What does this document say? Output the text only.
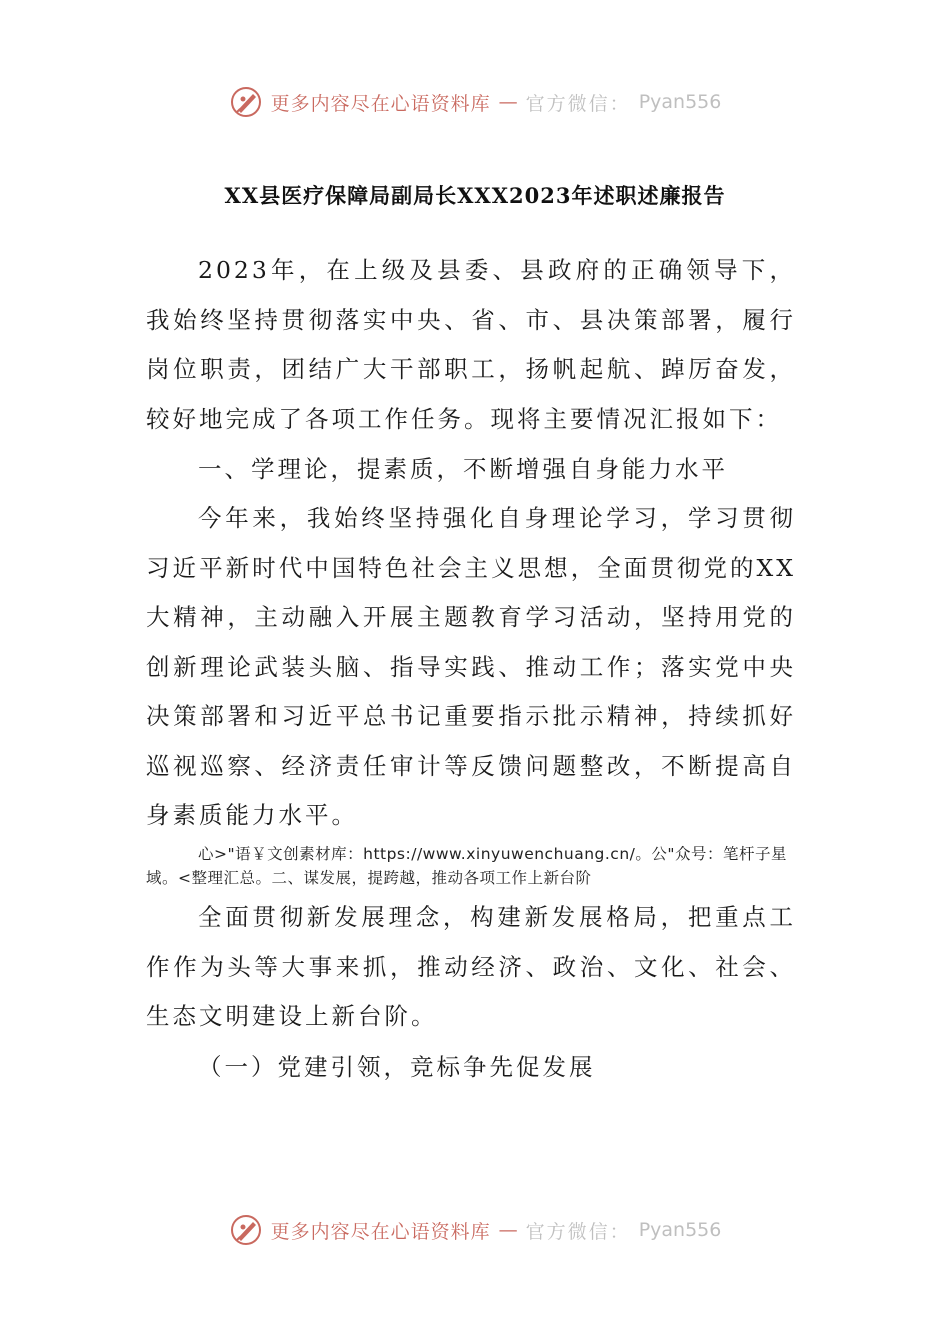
更多内容尽在心语资料库 — 官方微信： Pyan556
XX县医疗保障局副局长XXX2023年述职述廉报告
2023年，在上级及县委、县政府的正确领导下，我始终坚持贯彻落实中央、省、市、县决策部署，履行岗位职责，团结广大干部职工，扬帆起航、踔厉奋发，较好地完成了各项工作任务。现将主要情况汇报如下：
一、学理论，提素质，不断增强自身能力水平
今年来，我始终坚持强化自身理论学习，学习贯彻习近平新时代中国特色社会主义思想，全面贯彻党的XX大精神，主动融入开展主题教育学习活动，坚持用党的创新理论武装头脑、指导实践、推动工作；落实党中央决策部署和习近平总书记重要指示批示精神，持续抓好巡视巡察、经济责任审计等反馈问题整改，不断提高自身素质能力水平。
心>"语￥文创素材库：https://www.xinyuwenchuang.cn/。公"众号：笔杆子星域。<整理汇总。二、谋发展，提跨越，推动各项工作上新台阶
全面贯彻新发展理念，构建新发展格局，把重点工作作为头等大事来抓，推动经济、政治、文化、社会、生态文明建设上新台阶。
（一）党建引领，竞标争先促发展
更多内容尽在心语资料库 — 官方微信： Pyan556
